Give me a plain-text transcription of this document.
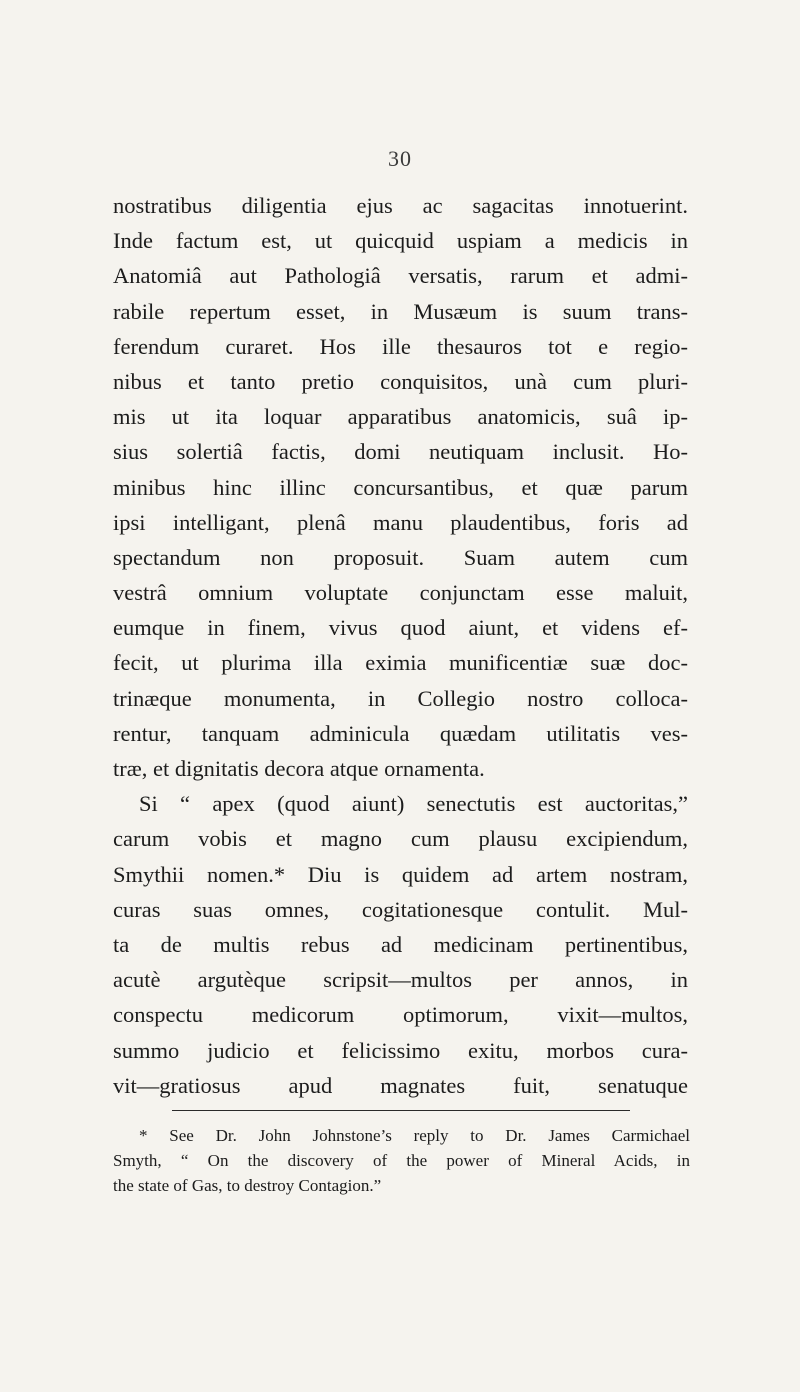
30
nostratibus diligentia ejus ac sagacitas innotuerint.
Inde factum est, ut quicquid uspiam a medicis in
Anatomiâ aut Pathologiâ versatis, rarum et admi-
rabile repertum esset, in Musæum is suum trans-
ferendum curaret. Hos ille thesauros tot e regio-
nibus et tanto pretio conquisitos, unà cum pluri-
mis ut ita loquar apparatibus anatomicis, suâ ip-
sius solertiâ factis, domi neutiquam inclusit. Ho-
minibus hinc illinc concursantibus, et quæ parum
ipsi intelligant, plenâ manu plaudentibus, foris ad
spectandum non proposuit. Suam autem cum
vestrâ omnium voluptate conjunctam esse maluit,
eumque in finem, vivus quod aiunt, et videns ef-
fecit, ut plurima illa eximia munificentiæ suæ doc-
trinæque monumenta, in Collegio nostro colloca-
rentur, tanquam adminicula quædam utilitatis ves-
træ, et dignitatis decora atque ornamenta.
Si “ apex (quod aiunt) senectutis est auctoritas,”
carum vobis et magno cum plausu excipiendum,
Smythii nomen.* Diu is quidem ad artem nostram,
curas suas omnes, cogitationesque contulit. Mul-
ta de multis rebus ad medicinam pertinentibus,
acutè argutèque scripsit—multos per annos, in
conspectu medicorum optimorum, vixit—multos,
summo judicio et felicissimo exitu, morbos cura-
vit—gratiosus apud magnates fuit, senatuque
* See Dr. John Johnstone’s reply to Dr. James Carmichael
Smyth, “ On the discovery of the power of Mineral Acids, in
the state of Gas, to destroy Contagion.”
